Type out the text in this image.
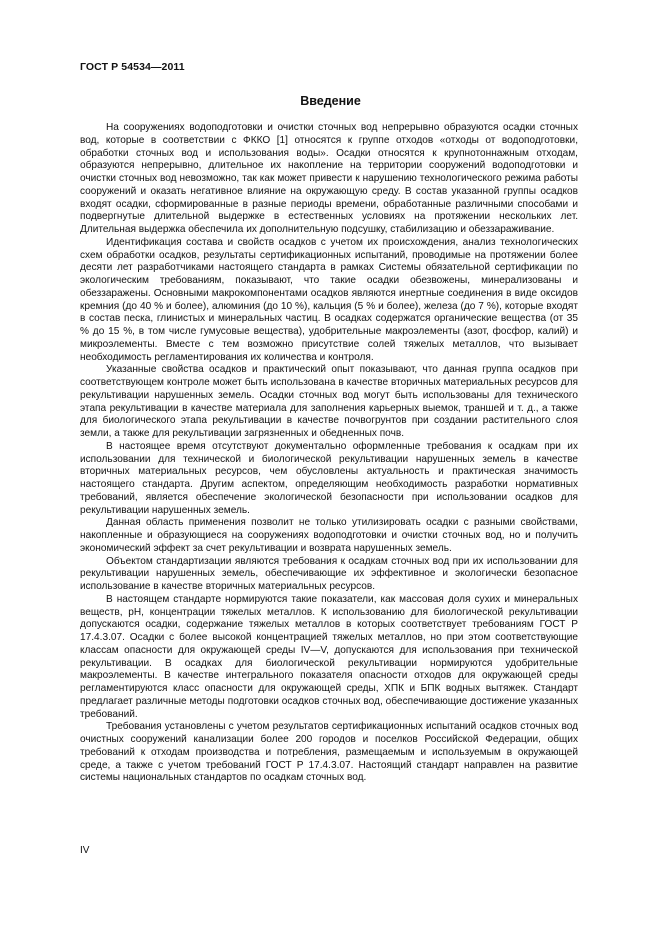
ГОСТ Р 54534—2011
Введение

На сооружениях водоподготовки и очистки сточных вод непрерывно образуются осадки сточных вод, которые в соответствии с ФККО [1] относятся к группе отходов «отходы от водоподготовки, обработки сточных вод и использования воды». Осадки относятся к крупнотоннажным отходам, образуются непрерывно, длительное их накопление на территории сооружений водоподготовки и очистки сточных вод невозможно, так как может привести к нарушению технологического режима работы сооружений и оказать негативное влияние на окружающую среду. В состав указанной группы осадков входят осадки, сформированные в разные периоды времени, обработанные различными способами и подвергнутые длительной выдержке в естественных условиях на протяжении нескольких лет. Длительная выдержка обеспечила их дополнительную подсушку, стабилизацию и обеззараживание.

Идентификация состава и свойств осадков с учетом их происхождения, анализ технологических схем обработки осадков, результаты сертификационных испытаний, проводимые на протяжении более десяти лет разработчиками настоящего стандарта в рамках Системы обязательной сертификации по экологическим требованиям, показывают, что такие осадки обезвожены, минерализованы и обеззаражены. Основными макрокомпонентами осадков являются инертные соединения в виде оксидов кремния (до 40 % и более), алюминия (до 10 %), кальция (5 % и более), железа (до 7 %), которые входят в состав песка, глинистых и минеральных частиц. В осадках содержатся органические вещества (от 35 % до 15 %, в том числе гумусовые вещества), удобрительные макроэлементы (азот, фосфор, калий) и микроэлементы. Вместе с тем возможно присутствие солей тяжелых металлов, что вызывает необходимость регламентирования их количества и контроля.

Указанные свойства осадков и практический опыт показывают, что данная группа осадков при соответствующем контроле может быть использована в качестве вторичных материальных ресурсов для рекультивации нарушенных земель. Осадки сточных вод могут быть использованы для технического этапа рекультивации в качестве материала для заполнения карьерных выемок, траншей и т. д., а также для биологического этапа рекультивации в качестве почвогрунтов при создании растительного слоя земли, а также для рекультивации загрязненных и обедненных почв.

В настоящее время отсутствуют документально оформленные требования к осадкам при их использовании для технической и биологической рекультивации нарушенных земель в качестве вторичных материальных ресурсов, чем обусловлены актуальность и практическая значимость настоящего стандарта. Другим аспектом, определяющим необходимость разработки нормативных требований, является обеспечение экологической безопасности при использовании осадков для рекультивации нарушенных земель.

Данная область применения позволит не только утилизировать осадки с разными свойствами, накопленные и образующиеся на сооружениях водоподготовки и очистки сточных вод, но и получить экономический эффект за счет рекультивации и возврата нарушенных земель.

Объектом стандартизации являются требования к осадкам сточных вод при их использовании для рекультивации нарушенных земель, обеспечивающие их эффективное и экологически безопасное использование в качестве вторичных материальных ресурсов.

В настоящем стандарте нормируются такие показатели, как массовая доля сухих и минеральных веществ, pH, концентрации тяжелых металлов. К использованию для биологической рекультивации допускаются осадки, содержание тяжелых металлов в которых соответствует требованиям ГОСТ Р 17.4.3.07. Осадки с более высокой концентрацией тяжелых металлов, но при этом соответствующие классам опасности для окружающей среды IV—V, допускаются для использования при технической рекультивации. В осадках для биологической рекультивации нормируются удобрительные макроэлементы. В качестве интегрального показателя опасности отходов для окружающей среды регламентируются класс опасности для окружающей среды, ХПК и БПК водных вытяжек. Стандарт предлагает различные методы подготовки осадков сточных вод, обеспечивающие достижение указанных требований.

Требования установлены с учетом результатов сертификационных испытаний осадков сточных вод очистных сооружений канализации более 200 городов и поселков Российской Федерации, общих требований к отходам производства и потребления, размещаемым и используемым в окружающей среде, а также с учетом требований ГОСТ Р 17.4.3.07. Настоящий стандарт направлен на развитие системы национальных стандартов по осадкам сточных вод.

IV
